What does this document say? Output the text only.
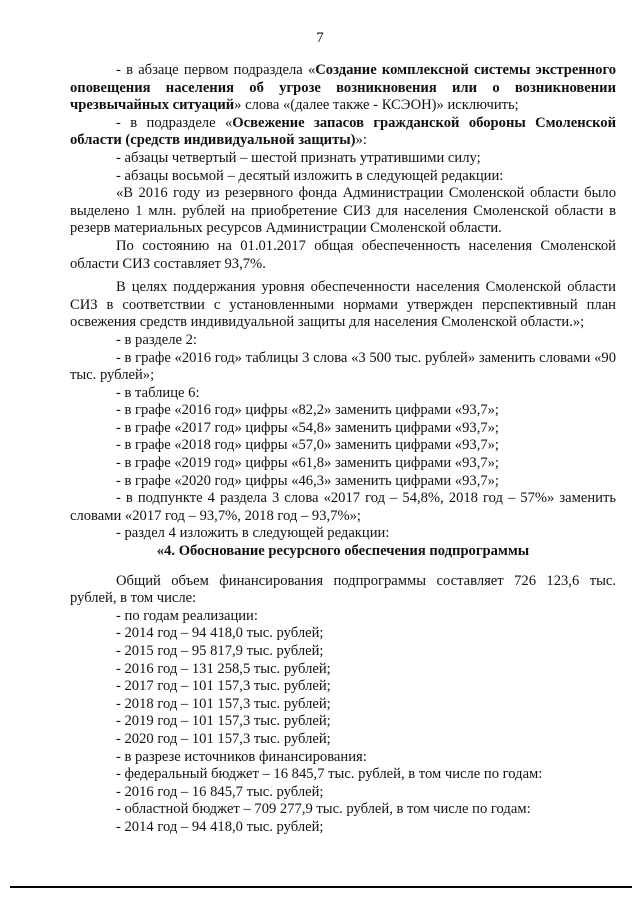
7

- в абзаце первом подраздела «Создание комплексной системы экстренного оповещения населения об угрозе возникновения или о возникновении чрезвычайных ситуаций» слова «(далее также - КСЭОН)» исключить;

- в подразделе «Освежение запасов гражданской обороны Смоленской области (средств индивидуальной защиты)»:

- абзацы четвертый – шестой признать утратившими силу;

- абзацы восьмой – десятый изложить в следующей редакции:

«В 2016 году из резервного фонда Администрации Смоленской области было выделено 1 млн. рублей на приобретение СИЗ для населения Смоленской области в резерв материальных ресурсов Администрации Смоленской области.

По состоянию на 01.01.2017 общая обеспеченность населения Смоленской области СИЗ составляет 93,7%.

В целях поддержания уровня обеспеченности населения Смоленской области СИЗ в соответствии с установленными нормами утвержден перспективный план освежения средств индивидуальной защиты для населения Смоленской области.»;

- в разделе 2:

- в графе «2016 год» таблицы 3 слова «3 500 тыс. рублей» заменить словами «90 тыс. рублей»;

- в таблице 6:

- в графе «2016 год» цифры «82,2» заменить цифрами «93,7»;

- в графе «2017 год» цифры «54,8» заменить цифрами «93,7»;

- в графе «2018 год» цифры «57,0» заменить цифрами «93,7»;

- в графе «2019 год» цифры «61,8» заменить цифрами «93,7»;

- в графе «2020 год» цифры «46,3» заменить цифрами «93,7»;

- в подпункте 4 раздела 3 слова «2017 год – 54,8%, 2018 год – 57%» заменить словами «2017 год – 93,7%, 2018 год – 93,7%»;

- раздел 4 изложить в следующей редакции:

«4. Обоснование ресурсного обеспечения подпрограммы

Общий объем финансирования подпрограммы составляет 726 123,6 тыс. рублей, в том числе:

- по годам реализации:

- 2014 год – 94 418,0 тыс. рублей;

- 2015 год – 95 817,9 тыс. рублей;

- 2016 год – 131 258,5 тыс. рублей;

- 2017 год – 101 157,3 тыс. рублей;

- 2018 год – 101 157,3 тыс. рублей;

- 2019 год – 101 157,3 тыс. рублей;

- 2020 год – 101 157,3 тыс. рублей;

- в разрезе источников финансирования:

- федеральный бюджет – 16 845,7 тыс. рублей, в том числе по годам:

- 2016 год – 16 845,7 тыс. рублей;

- областной бюджет – 709 277,9 тыс. рублей, в том числе по годам:

- 2014 год – 94 418,0 тыс. рублей;
